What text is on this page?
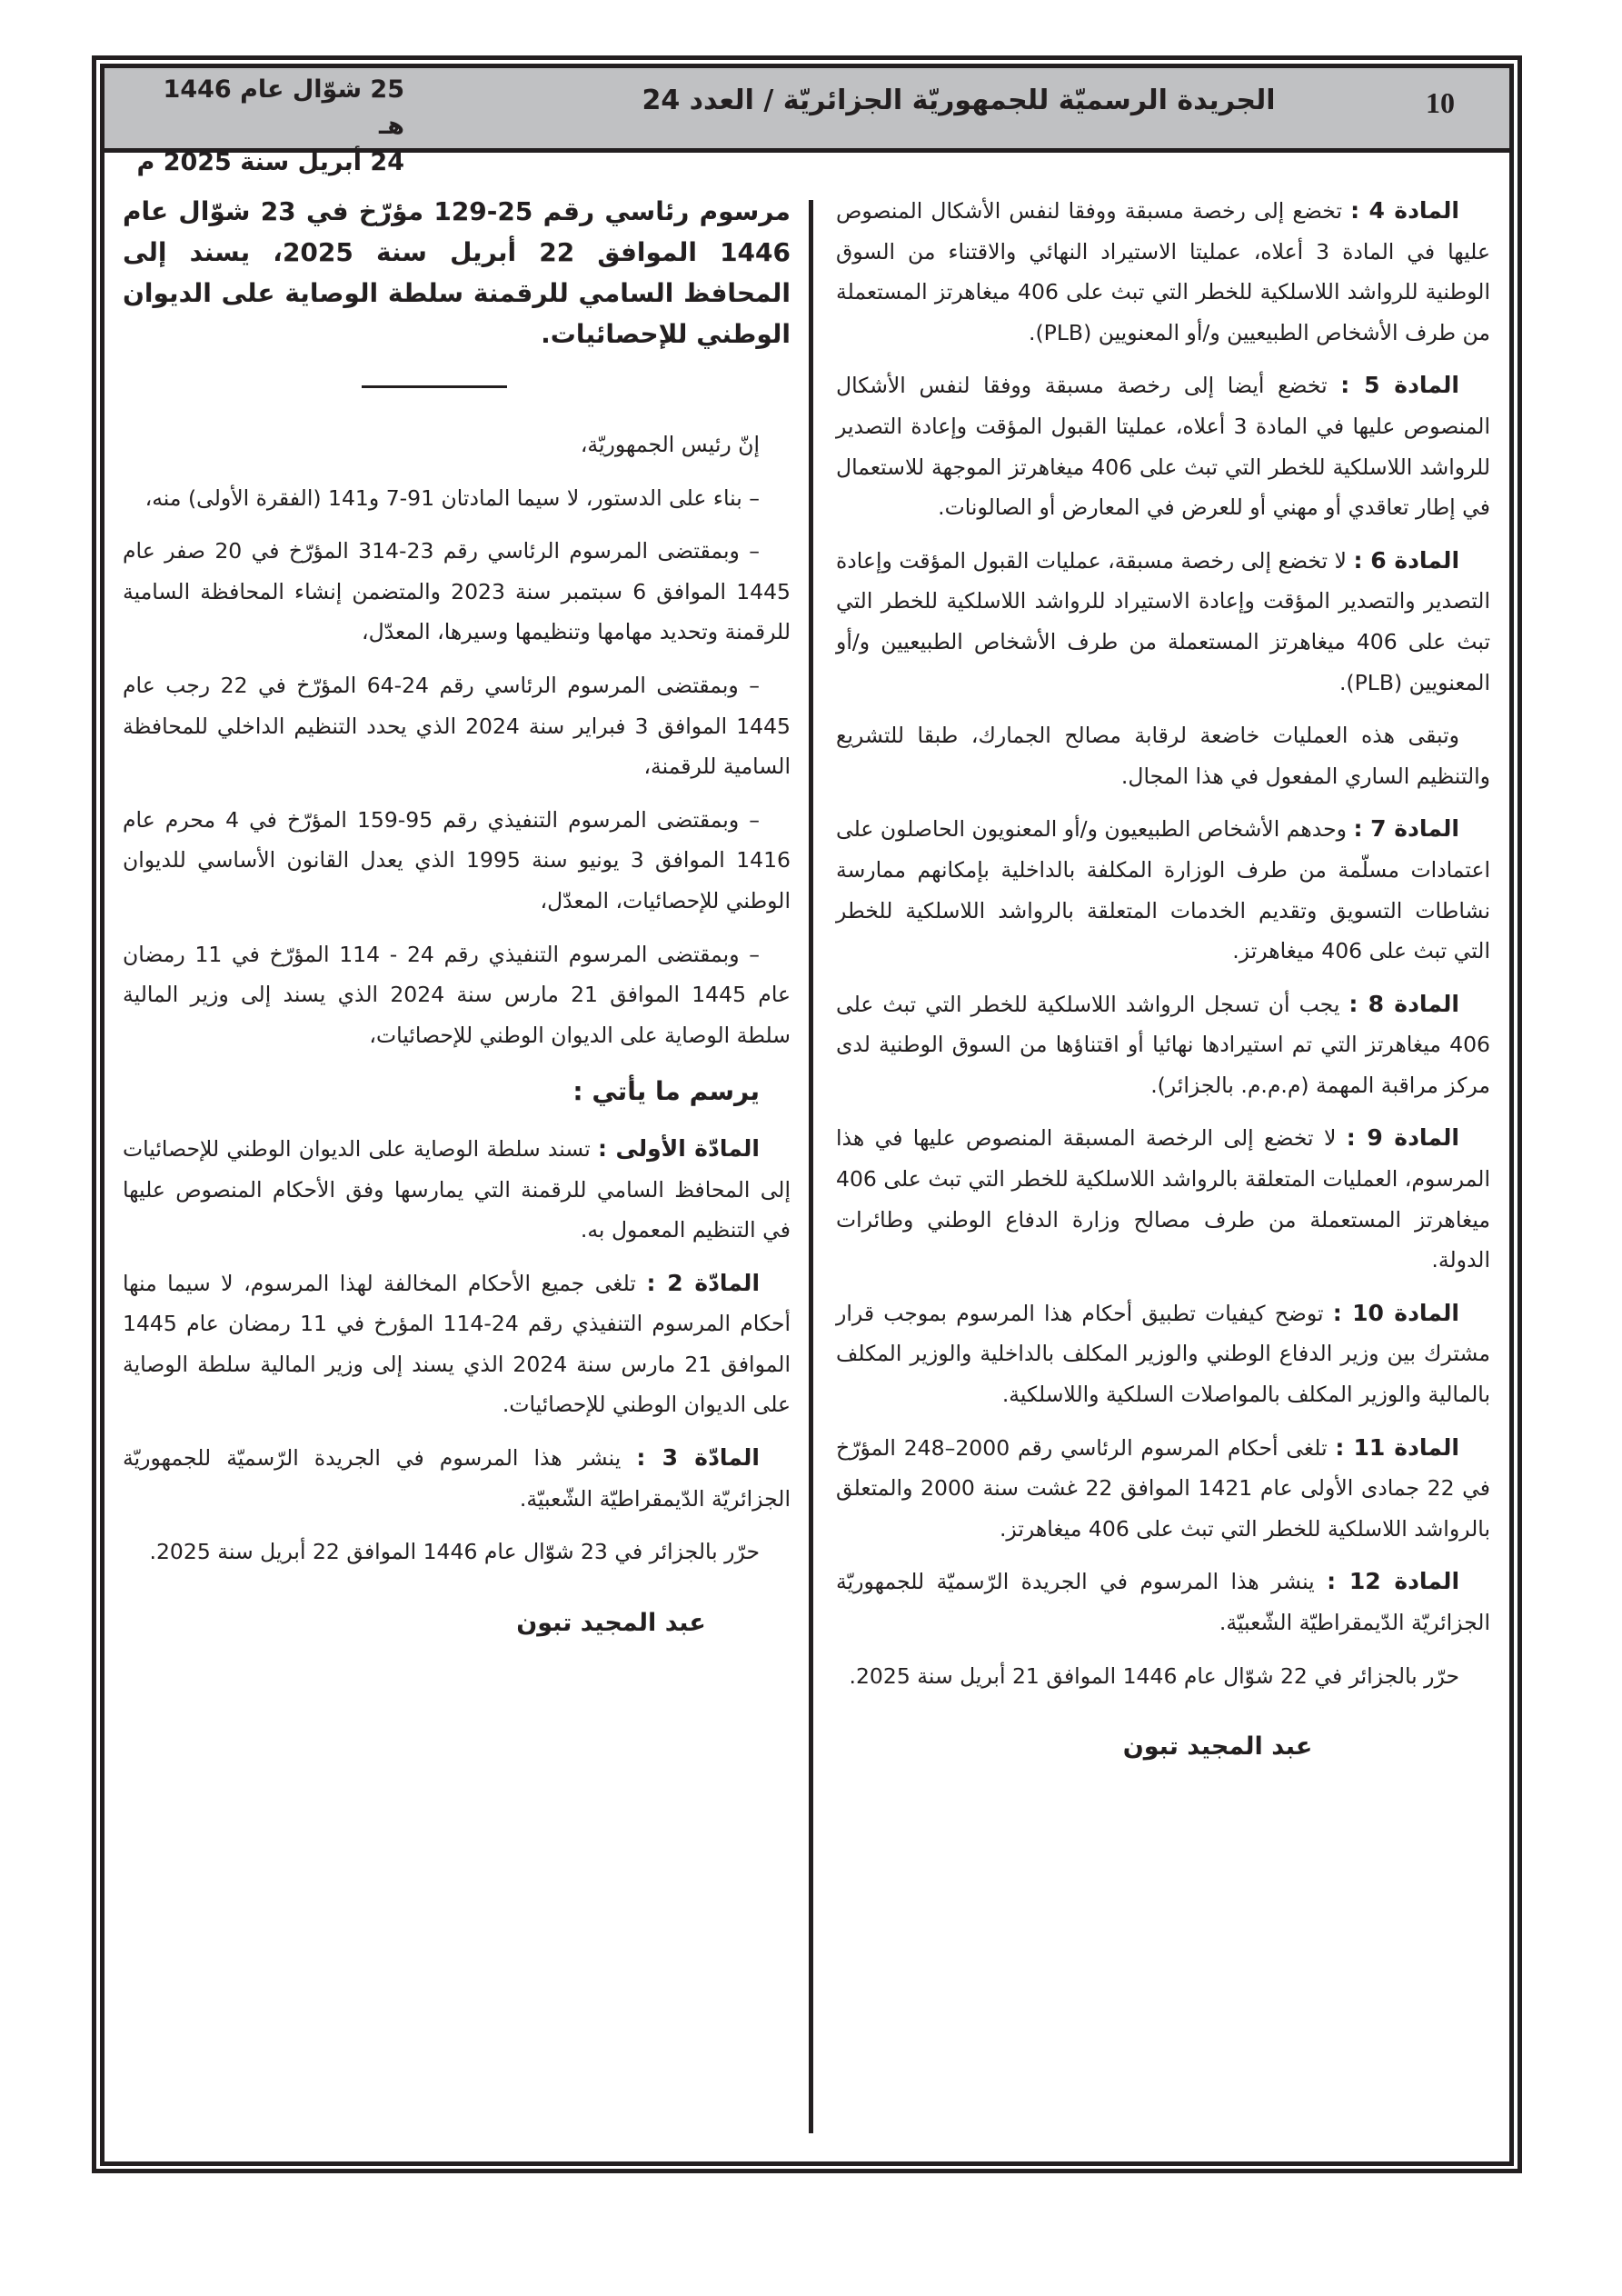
10
الجريدة الرسميّة للجمهوريّة الجزائريّة / العدد 24
25 شوّال عام 1446 هـ
24 أبريل سنة 2025 م

المادة 4 : تخضع إلى رخصة مسبقة ووفقا لنفس الأشكال المنصوص عليها في المادة 3 أعلاه، عمليتا الاستيراد النهائي والاقتناء من السوق الوطنية للرواشد اللاسلكية للخطر التي تبث على 406 ميغاهرتز المستعملة من طرف الأشخاص الطبيعيين و/أو المعنويين (PLB).

المادة 5 : تخضع أيضا إلى رخصة مسبقة ووفقا لنفس الأشكال المنصوص عليها في المادة 3 أعلاه، عمليتا القبول المؤقت وإعادة التصدير للرواشد اللاسلكية للخطر التي تبث على 406 ميغاهرتز الموجهة للاستعمال في إطار تعاقدي أو مهني أو للعرض في المعارض أو الصالونات.

المادة 6 : لا تخضع إلى رخصة مسبقة، عمليات القبول المؤقت وإعادة التصدير والتصدير المؤقت وإعادة الاستيراد للرواشد اللاسلكية للخطر التي تبث على 406 ميغاهرتز المستعملة من طرف الأشخاص الطبيعيين و/أو المعنويين (PLB).

وتبقى هذه العمليات خاضعة لرقابة مصالح الجمارك، طبقا للتشريع والتنظيم الساري المفعول في هذا المجال.

المادة 7 : وحدهم الأشخاص الطبيعيون و/أو المعنويون الحاصلون على اعتمادات مسلّمة من طرف الوزارة المكلفة بالداخلية بإمكانهم ممارسة نشاطات التسويق وتقديم الخدمات المتعلقة بالرواشد اللاسلكية للخطر التي تبث على 406 ميغاهرتز.

المادة 8 : يجب أن تسجل الرواشد اللاسلكية للخطر التي تبث على 406 ميغاهرتز التي تم استيرادها نهائيا أو اقتناؤها من السوق الوطنية لدى مركز مراقبة المهمة (م.م.م. بالجزائر).

المادة 9 : لا تخضع إلى الرخصة المسبقة المنصوص عليها في هذا المرسوم، العمليات المتعلقة بالرواشد اللاسلكية للخطر التي تبث على 406 ميغاهرتز المستعملة من طرف مصالح وزارة الدفاع الوطني وطائرات الدولة.

المادة 10 : توضح كيفيات تطبيق أحكام هذا المرسوم بموجب قرار مشترك بين وزير الدفاع الوطني والوزير المكلف بالداخلية والوزير المكلف بالمالية والوزير المكلف بالمواصلات السلكية واللاسلكية.

المادة 11 : تلغى أحكام المرسوم الرئاسي رقم 2000–248 المؤرّخ في 22 جمادى الأولى عام 1421 الموافق 22 غشت سنة 2000 والمتعلق بالرواشد اللاسلكية للخطر التي تبث على 406 ميغاهرتز.

المادة 12 : ينشر هذا المرسوم في الجريدة الرّسميّة للجمهوريّة الجزائريّة الدّيمقراطيّة الشّعبيّة.

حرّر بالجزائر في 22 شوّال عام 1446 الموافق 21 أبريل سنة 2025.

عبد المجيد تبون
مرسوم رئاسي رقم 25-129 مؤرّخ في 23 شوّال عام 1446 الموافق 22 أبريل سنة 2025، يسند إلى المحافظ السامي للرقمنة سلطة الوصاية على الديوان الوطني للإحصائيات.

إنّ رئيس الجمهوريّة،

– بناء على الدستور، لا سيما المادتان 91-7 و141 (الفقرة الأولى) منه،

– وبمقتضى المرسوم الرئاسي رقم 23-314 المؤرّخ في 20 صفر عام 1445 الموافق 6 سبتمبر سنة 2023 والمتضمن إنشاء المحافظة السامية للرقمنة وتحديد مهامها وتنظيمها وسيرها، المعدّل،

– وبمقتضى المرسوم الرئاسي رقم 24-64 المؤرّخ في 22 رجب عام 1445 الموافق 3 فبراير سنة 2024 الذي يحدد التنظيم الداخلي للمحافظة السامية للرقمنة،

– وبمقتضى المرسوم التنفيذي رقم 95-159 المؤرّخ في 4 محرم عام 1416 الموافق 3 يونيو سنة 1995 الذي يعدل القانون الأساسي للديوان الوطني للإحصائيات، المعدّل،

– وبمقتضى المرسوم التنفيذي رقم 24 - 114 المؤرّخ في 11 رمضان عام 1445 الموافق 21 مارس سنة 2024 الذي يسند إلى وزير المالية سلطة الوصاية على الديوان الوطني للإحصائيات،

يرسم ما يأتي :

المادّة الأولى : تسند سلطة الوصاية على الديوان الوطني للإحصائيات إلى المحافظ السامي للرقمنة التي يمارسها وفق الأحكام المنصوص عليها في التنظيم المعمول به.

المادّة 2 : تلغى جميع الأحكام المخالفة لهذا المرسوم، لا سيما منها أحكام المرسوم التنفيذي رقم 24-114 المؤرخ في 11 رمضان عام 1445 الموافق 21 مارس سنة 2024 الذي يسند إلى وزير المالية سلطة الوصاية على الديوان الوطني للإحصائيات.

المادّة 3 : ينشر هذا المرسوم في الجريدة الرّسميّة للجمهوريّة الجزائريّة الدّيمقراطيّة الشّعبيّة.

حرّر بالجزائر في 23 شوّال عام 1446 الموافق 22 أبريل سنة 2025.

عبد المجيد تبون
